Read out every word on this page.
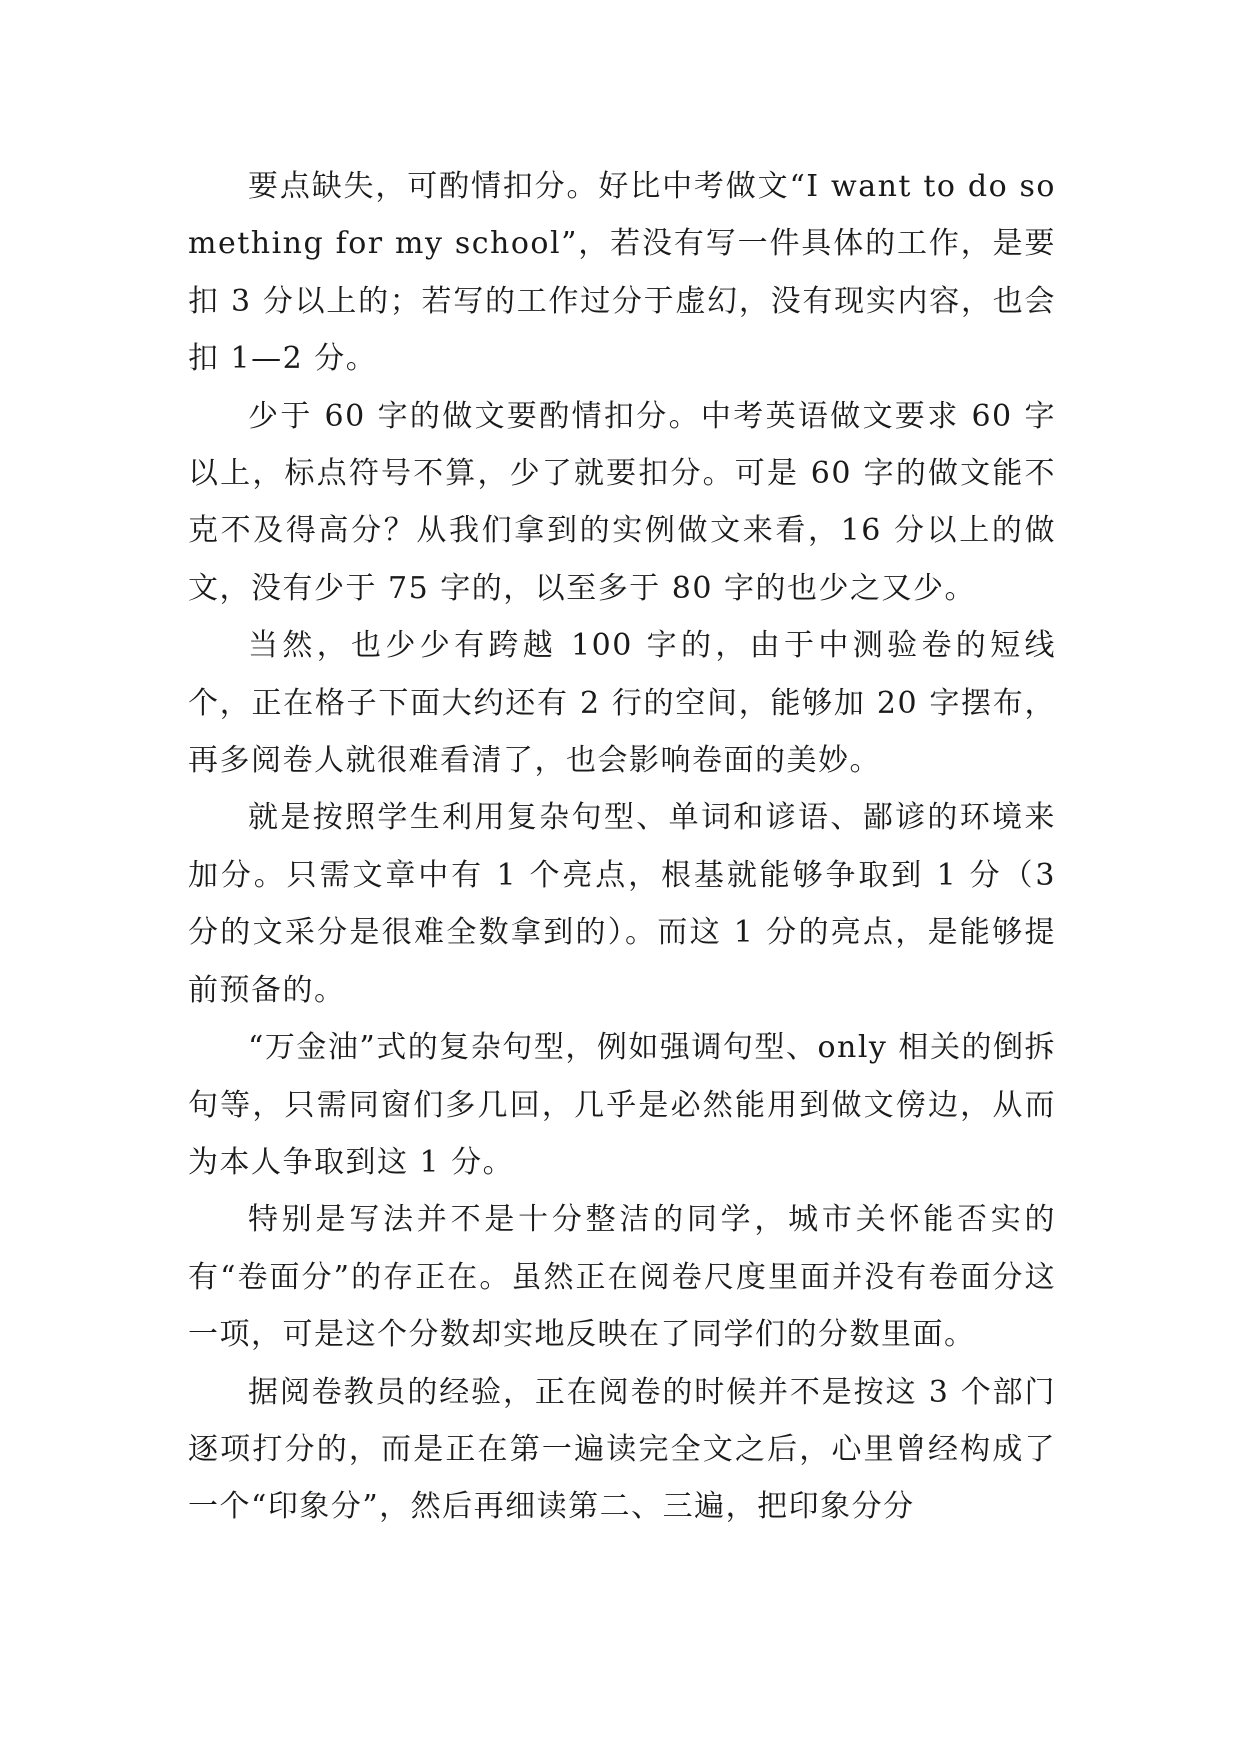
要点缺失，可酌情扣分。好比中考做文“I want to do something for my school”，若没有写一件具体的工作，是要扣 3 分以上的；若写的工作过分于虚幻，没有现实内容，也会扣 1—2 分。

少于 60 字的做文要酌情扣分。中考英语做文要求 60 字以上，标点符号不算，少了就要扣分。可是 60 字的做文能不克不及得高分？从我们拿到的实例做文来看，16 分以上的做文，没有少于 75 字的，以至多于 80 字的也少之又少。

当然，也少少有跨越 100 字的，由于中测验卷的短线个，正在格子下面大约还有 2 行的空间，能够加 20 字摆布，再多阅卷人就很难看清了，也会影响卷面的美妙。

就是按照学生利用复杂句型、单词和谚语、鄙谚的环境来加分。只需文章中有 1 个亮点，根基就能够争取到 1 分（3 分的文采分是很难全数拿到的）。而这 1 分的亮点，是能够提前预备的。

“万金油”式的复杂句型，例如强调句型、only 相关的倒拆句等，只需同窗们多几回，几乎是必然能用到做文傍边，从而为本人争取到这 1 分。

特别是写法并不是十分整洁的同学，城市关怀能否实的有“卷面分”的存正在。虽然正在阅卷尺度里面并没有卷面分这一项，可是这个分数却实地反映在了同学们的分数里面。

据阅卷教员的经验，正在阅卷的时候并不是按这 3 个部门逐项打分的，而是正在第一遍读完全文之后，心里曾经构成了一个“印象分”，然后再细读第二、三遍，把印象分分
